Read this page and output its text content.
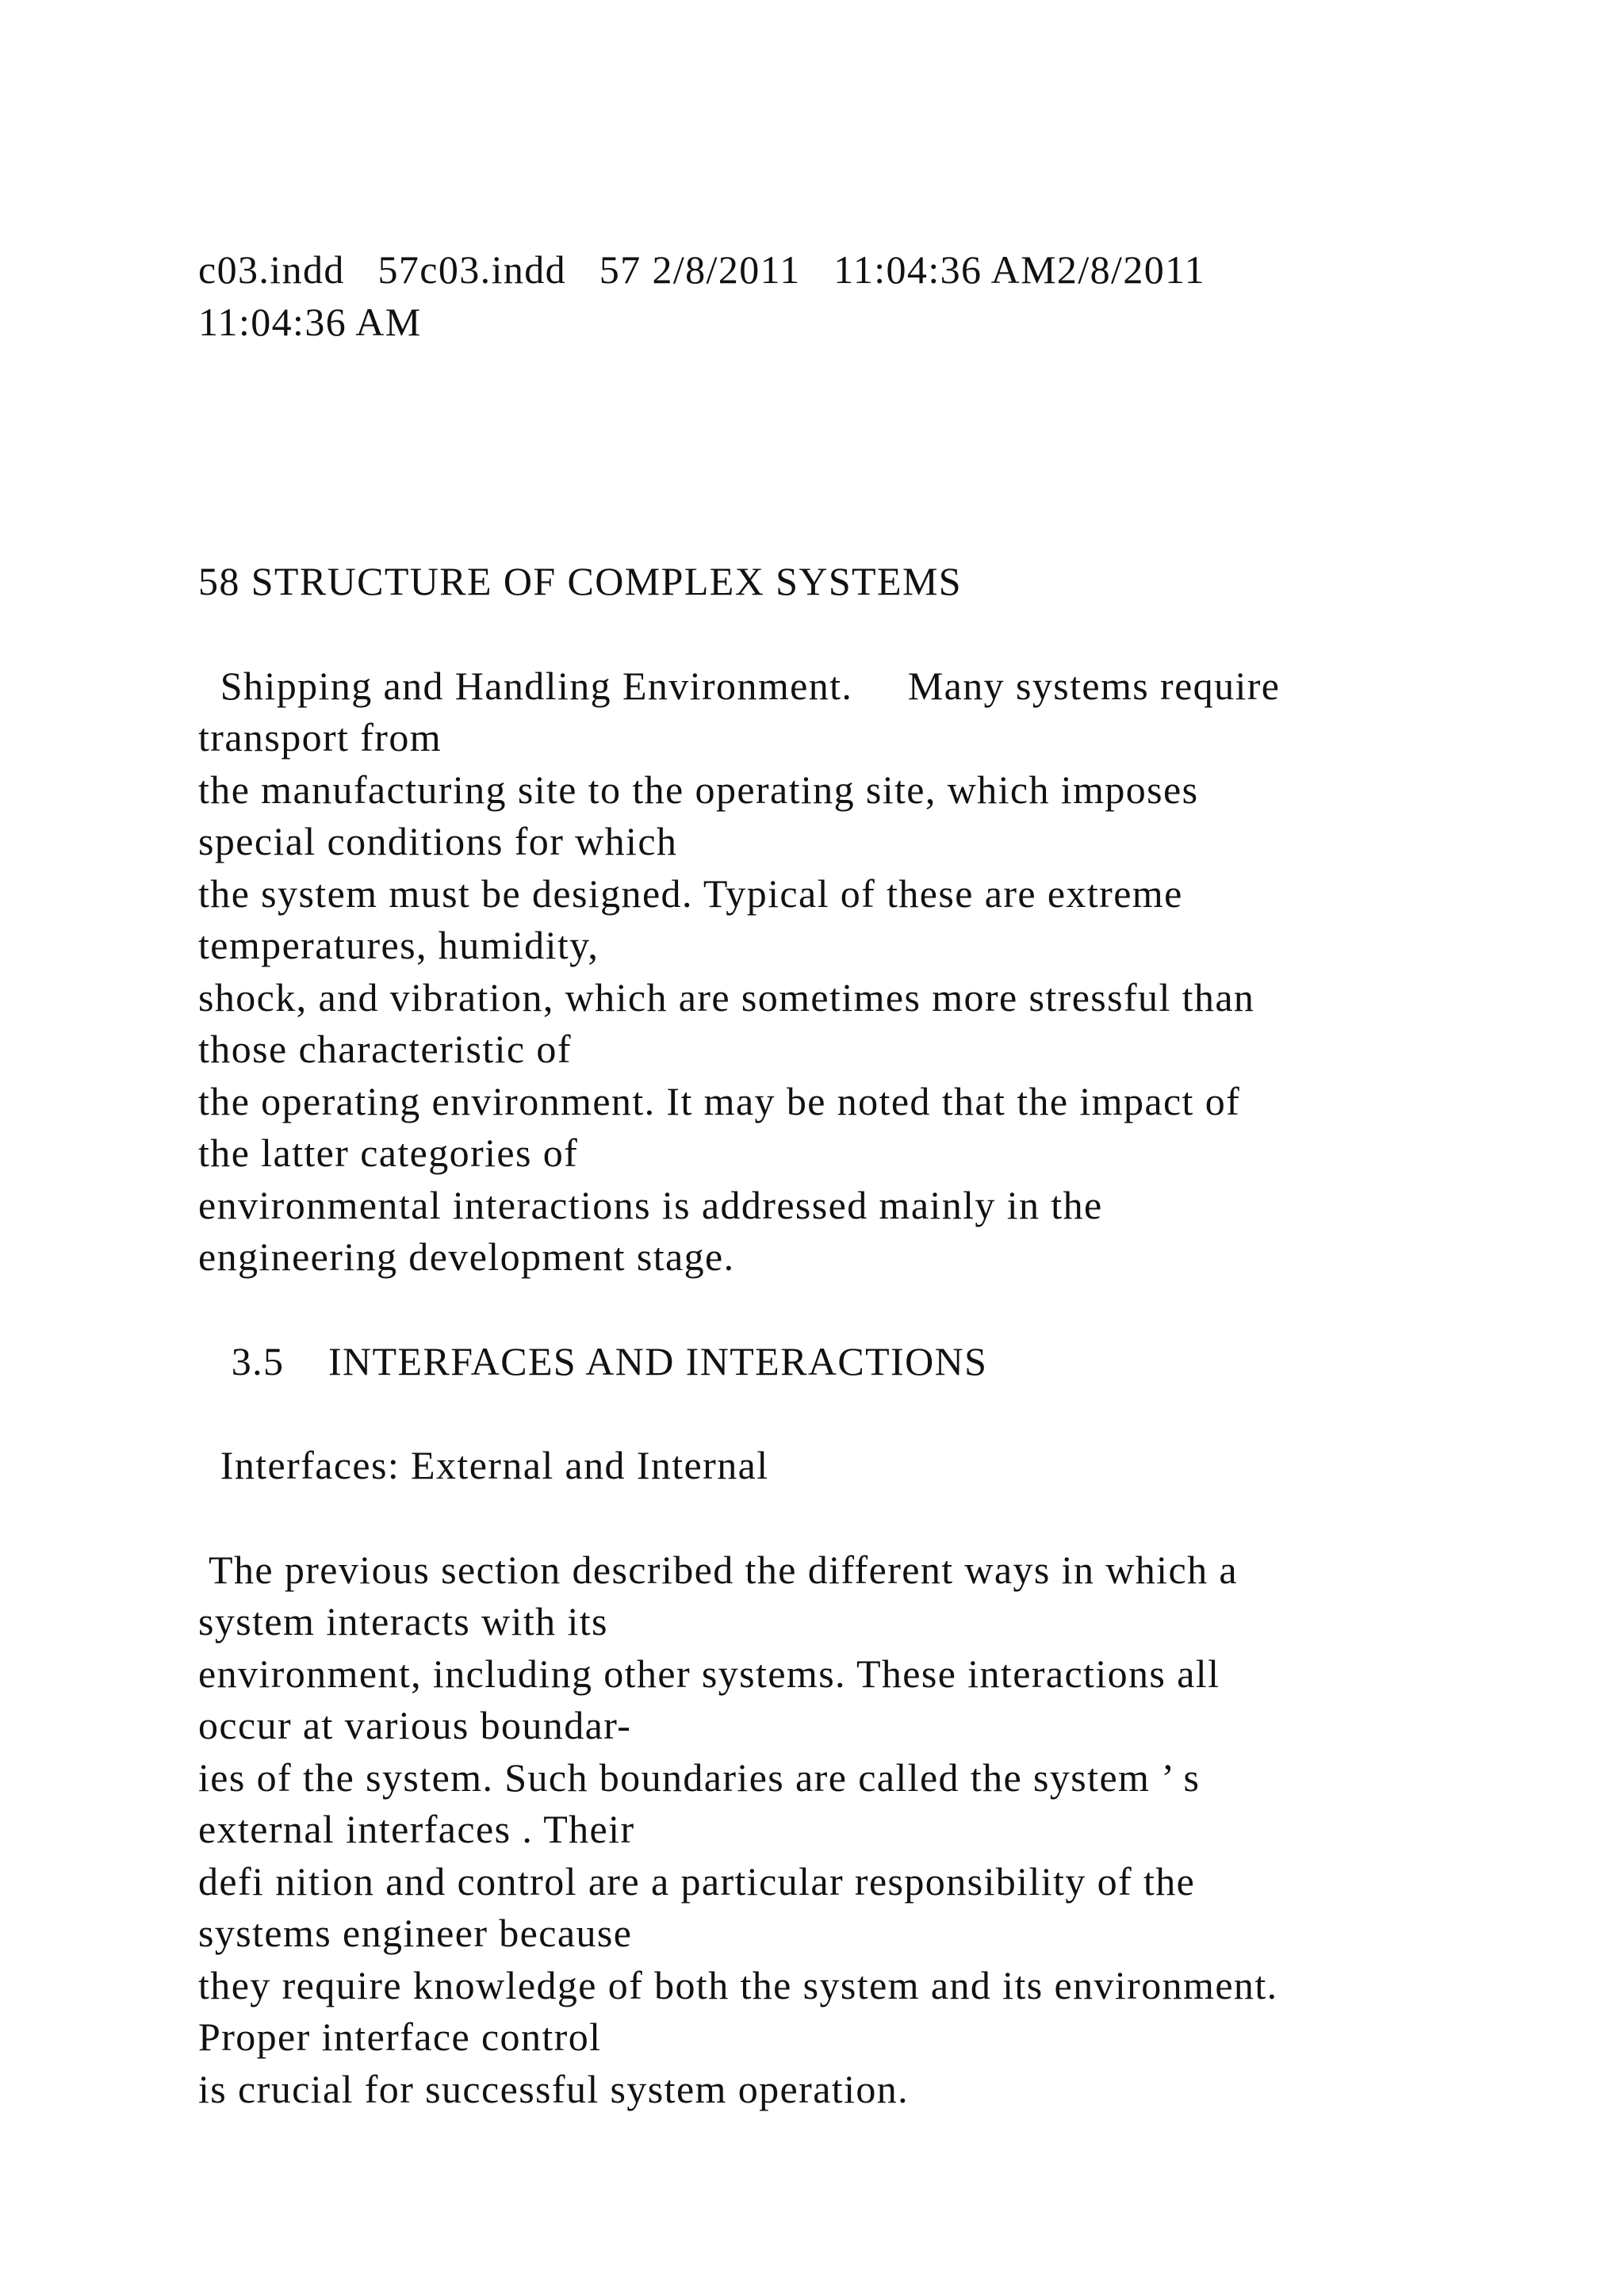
c03.indd   57c03.indd   57 2/8/2011   11:04:36 AM2/8/2011
11:04:36 AM
58 STRUCTURE OF COMPLEX SYSTEMS
Shipping and Handling Environment.     Many systems require
transport from
the manufacturing site to the operating site, which imposes
special conditions for which
the system must be designed. Typical of these are extreme
temperatures, humidity,
shock, and vibration, which are sometimes more stressful than
those characteristic of
the operating environment. It may be noted that the impact of
the latter categories of
environmental interactions is addressed mainly in the
engineering development stage.
3.5    INTERFACES AND INTERACTIONS
Interfaces: External and Internal
The previous section described the different ways in which a
system interacts with its
environment, including other systems. These interactions all
occur at various boundar-
ies of the system. Such boundaries are called the system ’ s
external interfaces . Their
defi nition and control are a particular responsibility of the
systems engineer because
they require knowledge of both the system and its environment.
Proper interface control
is crucial for successful system operation.
